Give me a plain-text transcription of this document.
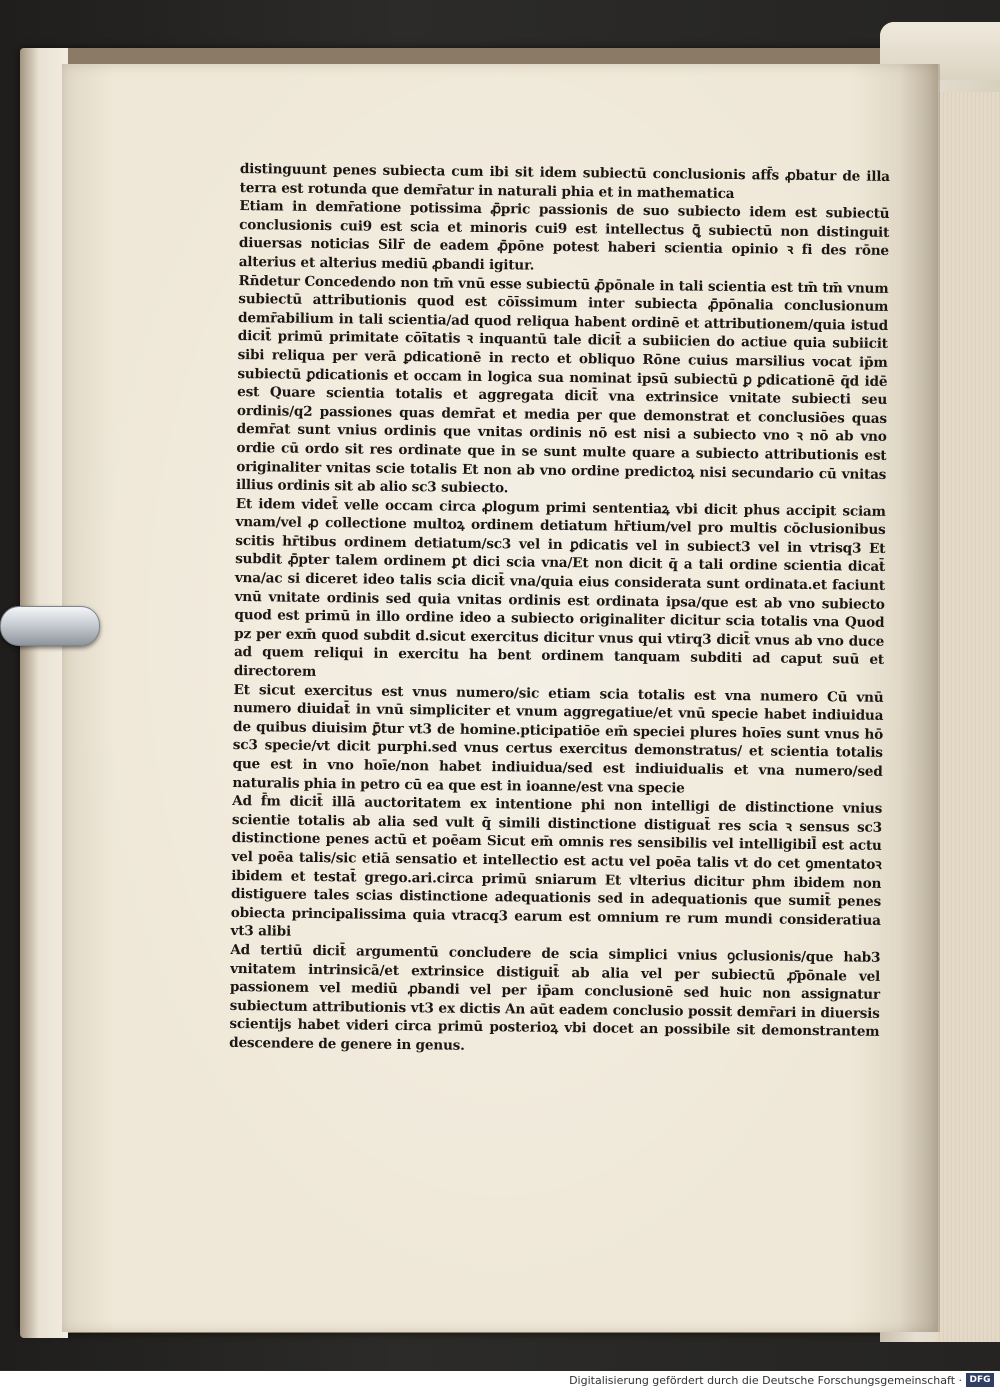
distinguunt penes subiecta cum ibi sit idem subiectū conclusionis aff̄s ꝓbatur de illa terra est rotunda que demr̄atur in naturali phia et in mathematica

Etiam in demr̄atione potissima ꝓ̄pric passionis de suo subiecto idem est subiectū conclusionis cui9 est scia et minoris cui9 est intellectus ꝗ̄ subiectū non distinguit diuersas noticias Silr̄ de eadem ꝓ̄pōne potest haberi scientia opinio ꝛ fi des rōne alterius et alterius mediū ꝓbandi igitur.

Rn̄detur Concedendo non tm̄ vnū esse subiectū ꝓ̄pōnale in tali scientia est tm̄ tm̄ vnum subiectū attributionis quod est cōīssimum inter subiecta ꝓ̄pōnalia conclusionum demr̄abilium in tali scientia/ad quod reliqua habent ordinē et attributionem/quia istud dicit̄ primū primitate cōītatis ꝛ inquantū tale dicit̄ a subiicien do actiue quia subiicit sibi reliqua per verā ꝑdicationē in recto et obliquo Rōne cuius marsilius vocat ip̄m subiectū ꝑdicationis et occam in logica sua nominat ipsū subiectū ꝑ ꝑdicationē q̄d idē est Quare scientia totalis et aggregata dicit̄ vna extrinsice vnitate subiecti seu ordinis/q2 passiones quas demr̄at et media per que demonstrat et conclusiōes quas demr̄at sunt vnius ordinis que vnitas ordinis nō est nisi a subiecto vno ꝛ nō ab vno ordie cū ordo sit res ordinate que in se sunt multe quare a subiecto attributionis est originaliter vnitas scie totalis Et non ab vno ordine predictoꝝ nisi secundario cū vnitas illius ordinis sit ab alio sc3 subiecto.

Et idem videt̄ velle occam circa ꝓlogum primi sententiaꝝ vbi dicit phus accipit sciam vnam/vel ꝓ collectione multoꝝ ordinem detiatum hr̄tium/vel pro multis cōclusionibus scitis hr̄tibus ordinem detiatum/sc3 vel in ꝑdicatis vel in subiect3 vel in vtrisq3 Et subdit ꝓ̄pter talem ordinem ꝑt dici scia vna/Et non dicit q̄ a tali ordine scientia dicat̄ vna/ac si diceret ideo talis scia dicit̄ vna/quia eius considerata sunt ordinata.et faciunt vnū vnitate ordinis sed quia vnitas ordinis est ordinata ipsa/que est ab vno subiecto quod est primū in illo ordine ideo a subiecto originaliter dicitur scia totalis vna Quod pz per exm̄ quod subdit d.sicut exercitus dicitur vnus qui vtirq3 dicit̄ vnus ab vno duce ad quem reliqui in exercitu ha bent ordinem tanquam subditi ad caput suū et directorem

Et sicut exercitus est vnus numero/sic etiam scia totalis est vna numero Cū vnū numero diuidat̄ in vnū simpliciter et vnum aggregatiue/et vnū specie habet indiuidua de quibus diuisim ꝑ̄tur vt3 de homine.pticipatiōe em̄ speciei plures hoīes sunt vnus hō sc3 specie/vt dicit purphi.sed vnus certus exercitus demonstratus/ et scientia totalis que est in vno hoīe/non habet indiuidua/sed est indiuidualis et vna numero/sed naturalis phia in petro cū ea que est in ioanne/est vna specie

Ad f̄m dicit̄ illā auctoritatem ex intentione phi non intelligi de distinctione vnius scientie totalis ab alia sed vult q̄ simili distinctione distiguat̄ res scia ꝛ sensus sc3 distinctione penes actū et poēam Sicut em̄ omnis res sensibilis vel intelligibil̄ est actu vel poēa talis/sic etiā sensatio et intellectio est actu vel poēa talis vt do cet ꝯmentatoꝛ ibidem et testat̄ grego.ari.circa primū sniarum Et vlterius dicitur phm ibidem non distiguere tales scias distinctione adequationis sed in adequationis que sumit̄ penes obiecta principalissima quia vtracq3 earum est omnium re rum mundi consideratiua vt3 alibi

Ad tertiū dicit̄ argumentū concludere de scia simplici vnius ꝯclusionis/que hab3 vnitatem intrinsicā/et extrinsice distiguit̄ ab alia vel per subiectū ꝓ̄pōnale vel passionem vel mediū ꝓbandi vel per ip̄am conclusionē sed huic non assignatur subiectum attributionis vt3 ex dictis An aūt eadem conclusio possit demr̄ari in diuersis scientijs habet videri circa primū posterioꝝ vbi docet an possibile sit demonstrantem descendere de genere in genus.

Digitalisierung gefördert durch die Deutsche Forschungsgemeinschaft · DFG
